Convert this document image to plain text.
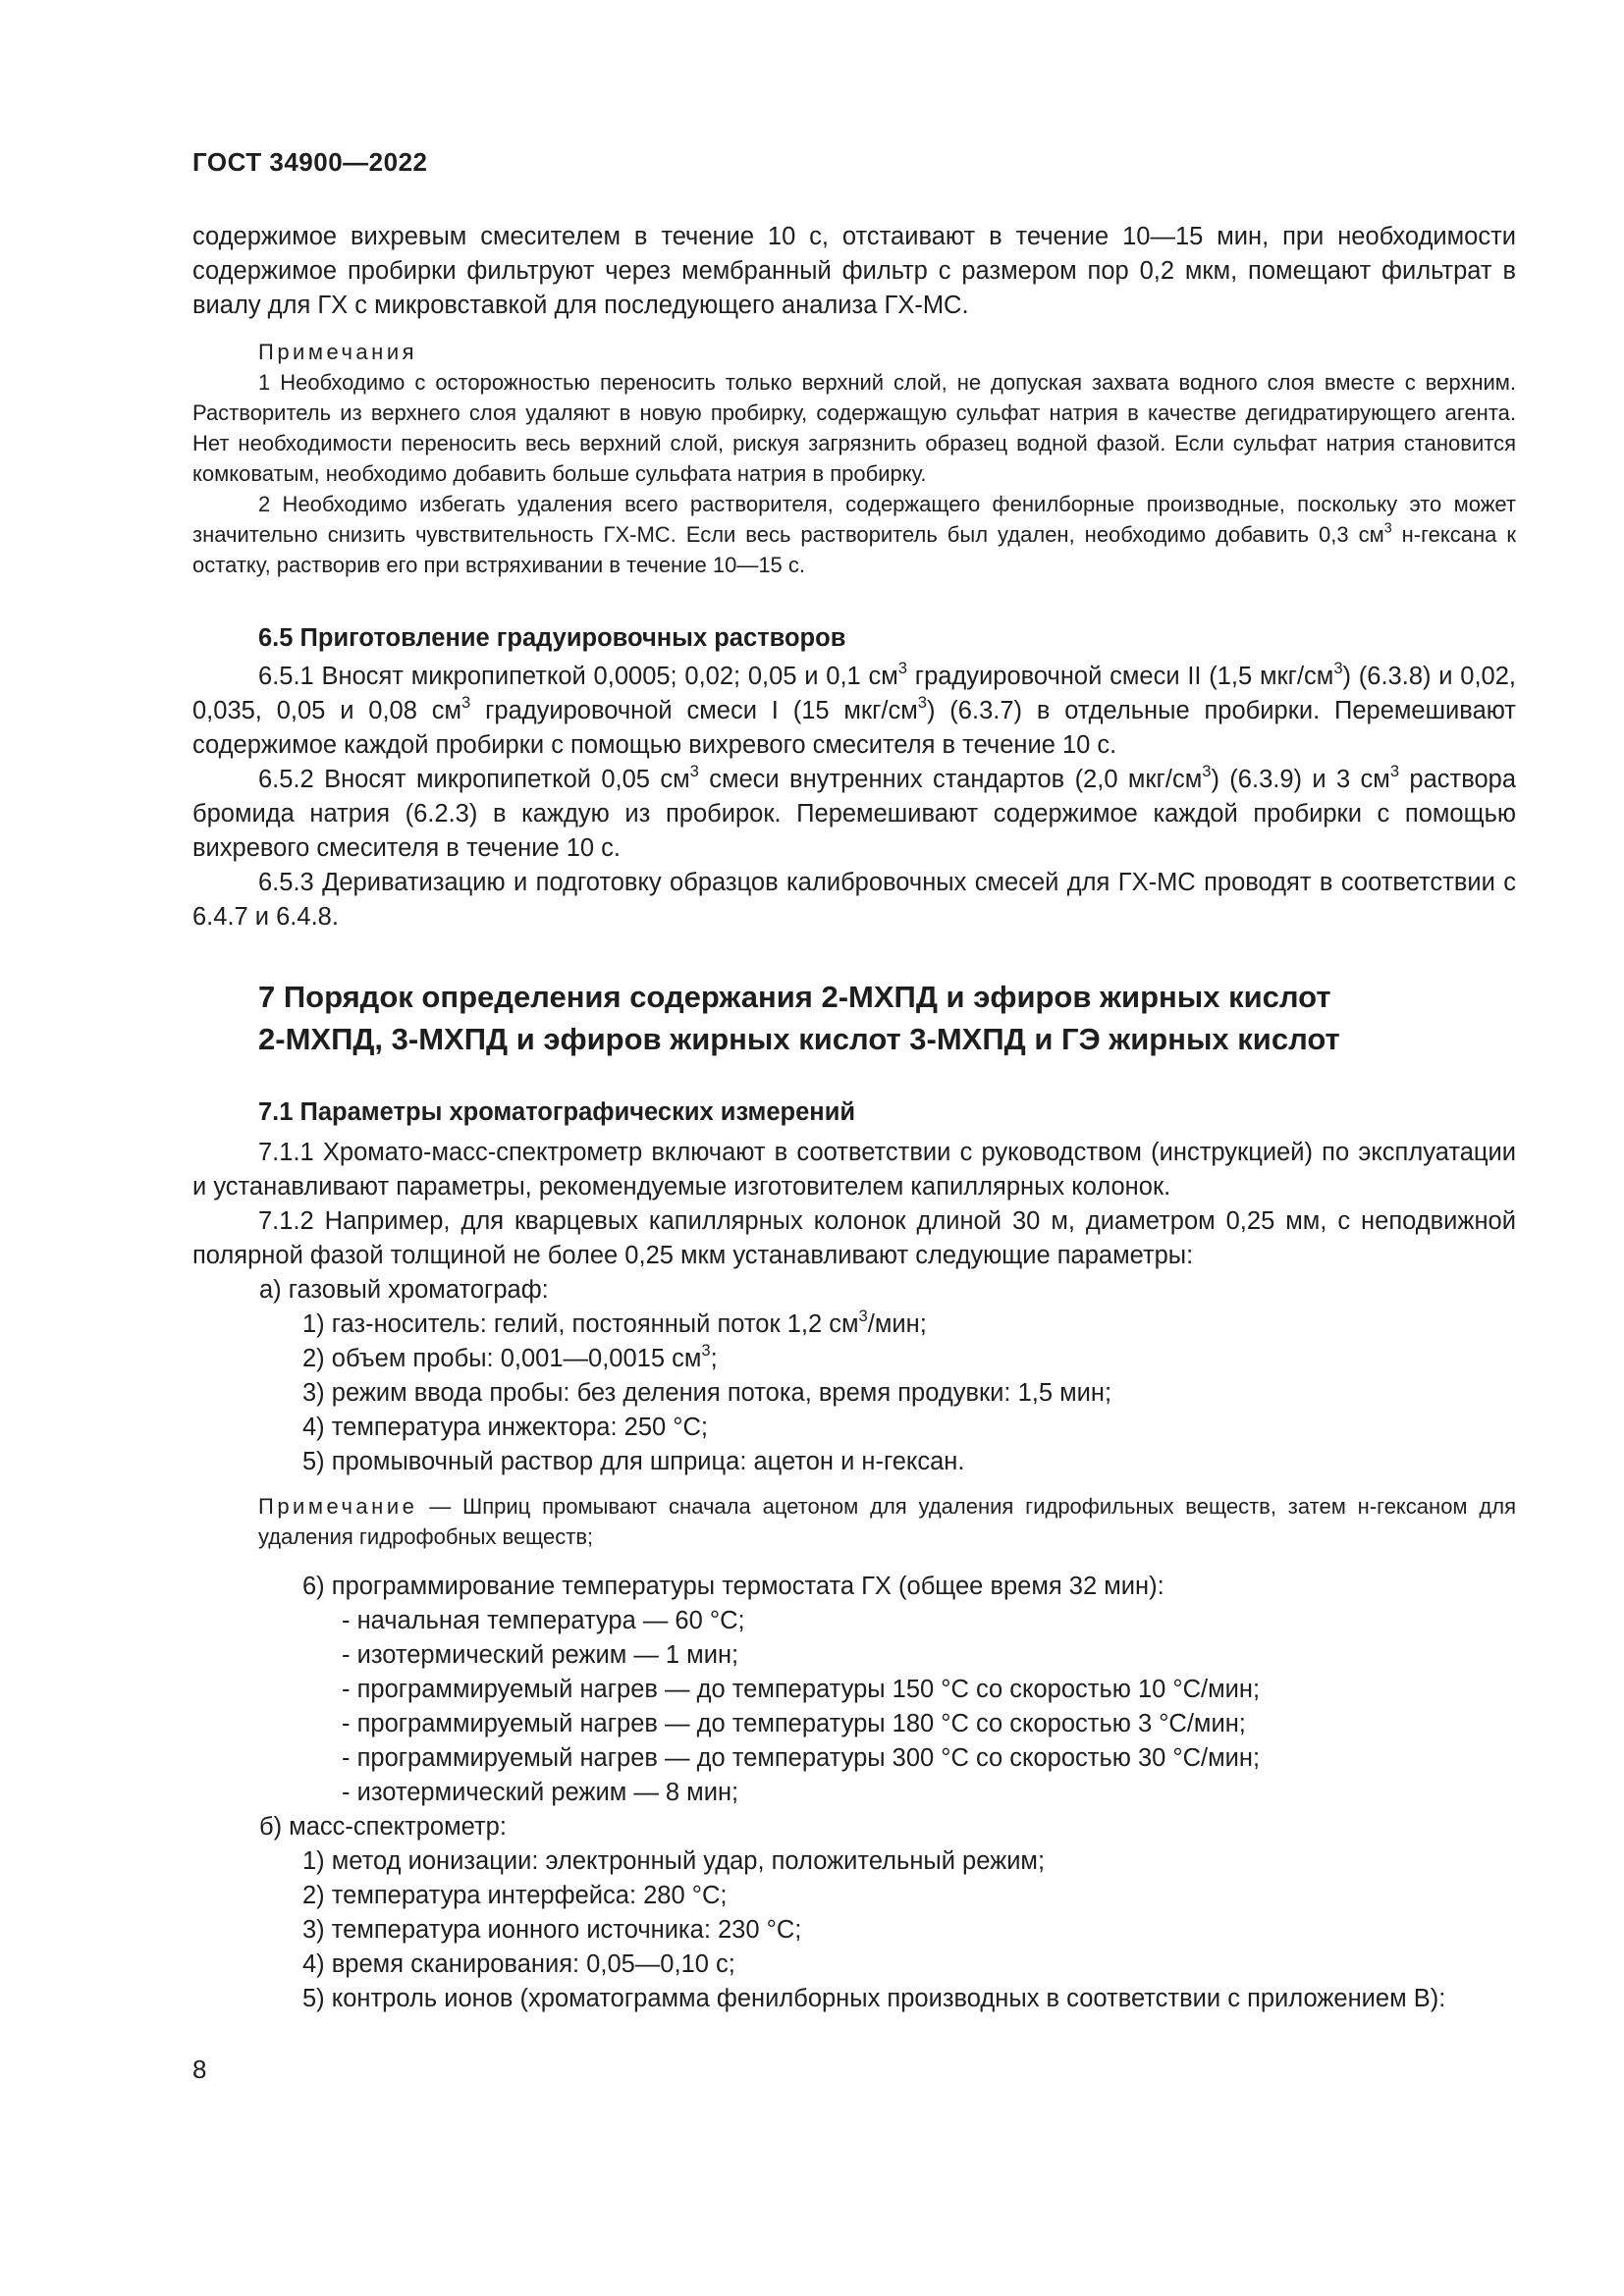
ГОСТ 34900—2022

содержимое вихревым смесителем в течение 10 с, отстаивают в течение 10—15 мин, при необходимости содержимое пробирки фильтруют через мембранный фильтр с размером пор 0,2 мкм, помещают фильтрат в виалу для ГХ с микровставкой для последующего анализа ГХ-МС.

Примечания

1 Необходимо с осторожностью переносить только верхний слой, не допуская захвата водного слоя вместе с верхним. Растворитель из верхнего слоя удаляют в новую пробирку, содержащую сульфат натрия в качестве дегидратирующего агента. Нет необходимости переносить весь верхний слой, рискуя загрязнить образец водной фазой. Если сульфат натрия становится комковатым, необходимо добавить больше сульфата натрия в пробирку.

2 Необходимо избегать удаления всего растворителя, содержащего фенилборные производные, поскольку это может значительно снизить чувствительность ГХ-МС. Если весь растворитель был удален, необходимо добавить 0,3 $см^3$ н-гексана к остатку, растворив его при встряхивании в течение 10—15 с.

6.5 Приготовление градуировочных растворов

6.5.1 Вносят микропипеткой 0,0005; 0,02; 0,05 и 0,1 $см^3$ градуировочной смеси II (1,5 мкг/$см^3$) (6.3.8) и 0,02, 0,035, 0,05 и 0,08 $см^3$ градуировочной смеси I (15 мкг/$см^3$) (6.3.7) в отдельные пробирки. Перемешивают содержимое каждой пробирки с помощью вихревого смесителя в течение 10 с.

6.5.2 Вносят микропипеткой 0,05 $см^3$ смеси внутренних стандартов (2,0 мкг/$см^3$) (6.3.9) и 3 $см^3$ раствора бромида натрия (6.2.3) в каждую из пробирок. Перемешивают содержимое каждой пробирки с помощью вихревого смесителя в течение 10 с.

6.5.3 Дериватизацию и подготовку образцов калибровочных смесей для ГХ-МС проводят в соответствии с 6.4.7 и 6.4.8.

7 Порядок определения содержания 2-МХПД и эфиров жирных кислот

2-МХПД, 3-МХПД и эфиров жирных кислот 3-МХПД и ГЭ жирных кислот

7.1 Параметры хроматографических измерений

7.1.1 Хромато-масс-спектрометр включают в соответствии с руководством (инструкцией) по эксплуатации и устанавливают параметры, рекомендуемые изготовителем капиллярных колонок.

7.1.2 Например, для кварцевых капиллярных колонок длиной 30 м, диаметром 0,25 мм, с неподвижной полярной фазой толщиной не более 0,25 мкм устанавливают следующие параметры:

а) газовый хроматограф:

1) газ-носитель: гелий, постоянный поток 1,2 $см^3$/мин;

2) объем пробы: 0,001—0,0015 $см^3$;

3) режим ввода пробы: без деления потока, время продувки: 1,5 мин;

4) температура инжектора: 250 °С;

5) промывочный раствор для шприца: ацетон и н-гексан.

Примечание — Шприц промывают сначала ацетоном для удаления гидрофильных веществ, затем н-гексаном для удаления гидрофобных веществ;

6) программирование температуры термостата ГХ (общее время 32 мин):

- начальная температура — 60 °С;

- изотермический режим — 1 мин;

- программируемый нагрев — до температуры 150 °С со скоростью 10 °С/мин;

- программируемый нагрев — до температуры 180 °С со скоростью 3 °С/мин;

- программируемый нагрев — до температуры 300 °С со скоростью 30 °С/мин;

- изотермический режим — 8 мин;

б) масс-спектрометр:

1) метод ионизации: электронный удар, положительный режим;

2) температура интерфейса: 280 °С;

3) температура ионного источника: 230 °С;

4) время сканирования: 0,05—0,10 с;

5) контроль ионов (хроматограмма фенилборных производных в соответствии с приложением В):

8
